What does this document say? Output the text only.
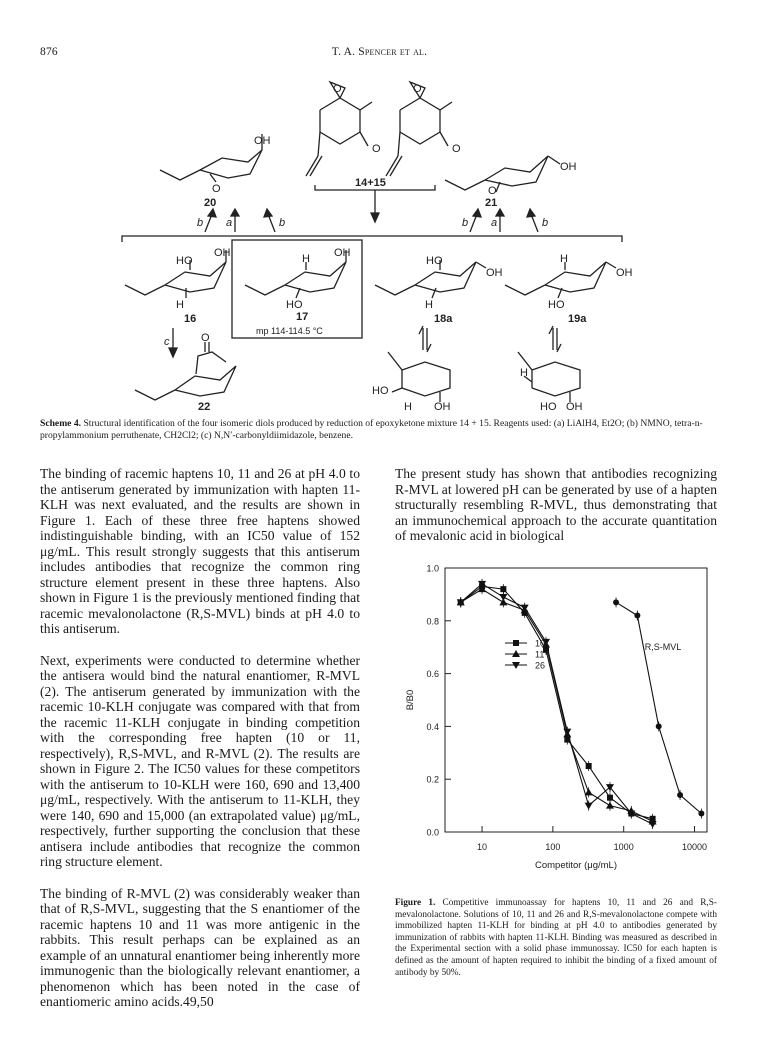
876	T. A. Spencer et al.
O
O
O
O
14+15
OH
O
20
OH
O
21
b a	b	b a	b
OH
HO
H
16
OH
H
HO
17
mp 114-114.5 °C
OH
HO
H
18a
OH
H
HO
19a
c	O
22
HO
H OH
H
HO OH
Scheme 4. Structural identification of the four isomeric diols produced by reduction of epoxyketone mixture 14 + 15. Reagents used: (a) LiAlH4, Et2O; (b) NMNO, tetra-n-propylammonium perruthenate, CH2Cl2; (c) N,N′-carbonyldiimidazole, benzene.

The binding of racemic haptens 10, 11 and 26 at pH 4.0 to the antiserum generated by immunization with hapten 11-KLH was next evaluated, and the results are shown in Figure 1. Each of these three free haptens showed indistinguishable binding, with an IC50 value of 152 μg/mL. This result strongly suggests that this antiserum includes antibodies that recognize the common ring structure element present in these three haptens. Also shown in Figure 1 is the previously mentioned finding that racemic mevalonolactone (R,S-MVL) binds at pH 4.0 to this antiserum.

Next, experiments were conducted to determine whether the antisera would bind the natural enantiomer, R-MVL (2). The antiserum generated by immunization with the racemic 10-KLH conjugate was compared with that from the racemic 11-KLH conjugate in binding competition with the corresponding free hapten (10 or 11, respectively), R,S-MVL, and R-MVL (2). The results are shown in Figure 2. The IC50 values for these competitors with the antiserum to 10-KLH were 160, 690 and 13,400 μg/mL, respectively. With the antiserum to 11-KLH, they were 140, 690 and 15,000 (an extrapolated value) μg/mL, respectively, further supporting the conclusion that these antisera include antibodies that recognize the common ring structure element.

The binding of R-MVL (2) was considerably weaker than that of R,S-MVL, suggesting that the S enantiomer of the racemic haptens 10 and 11 was more antigenic in the rabbits. This result perhaps can be explained as an example of an unnatural enantiomer being inherently more immunogenic than the biologically relevant enantiomer, a phenomenon which has been noted in the case of enantiomeric amino acids.49,50

The present study has shown that antibodies recognizing R-MVL at lowered pH can be generated by use of a hapten structurally resembling R-MVL, thus demonstrating that an immunochemical approach to the accurate quantitation of mevalonic acid in biological

0.0
0.2
0.4
0.6
0.8
1.0
10	100	1000	10000
Competitor (μg/mL)
B/B0
10
11
26
R,S-MVL
Figure 1. Competitive immunoassay for haptens 10, 11 and 26 and R,S-mevalonolactone. Solutions of 10, 11 and 26 and R,S-mevalonolactone compete with immobilized hapten 11-KLH for binding at pH 4.0 to antibodies generated by immunization of rabbits with hapten 11-KLH. Binding was measured as described in the Experimental section with a solid phase immunossay. IC50 for each hapten is defined as the amount of hapten required to inhibit the binding of a fixed amount of antibody by 50%.
